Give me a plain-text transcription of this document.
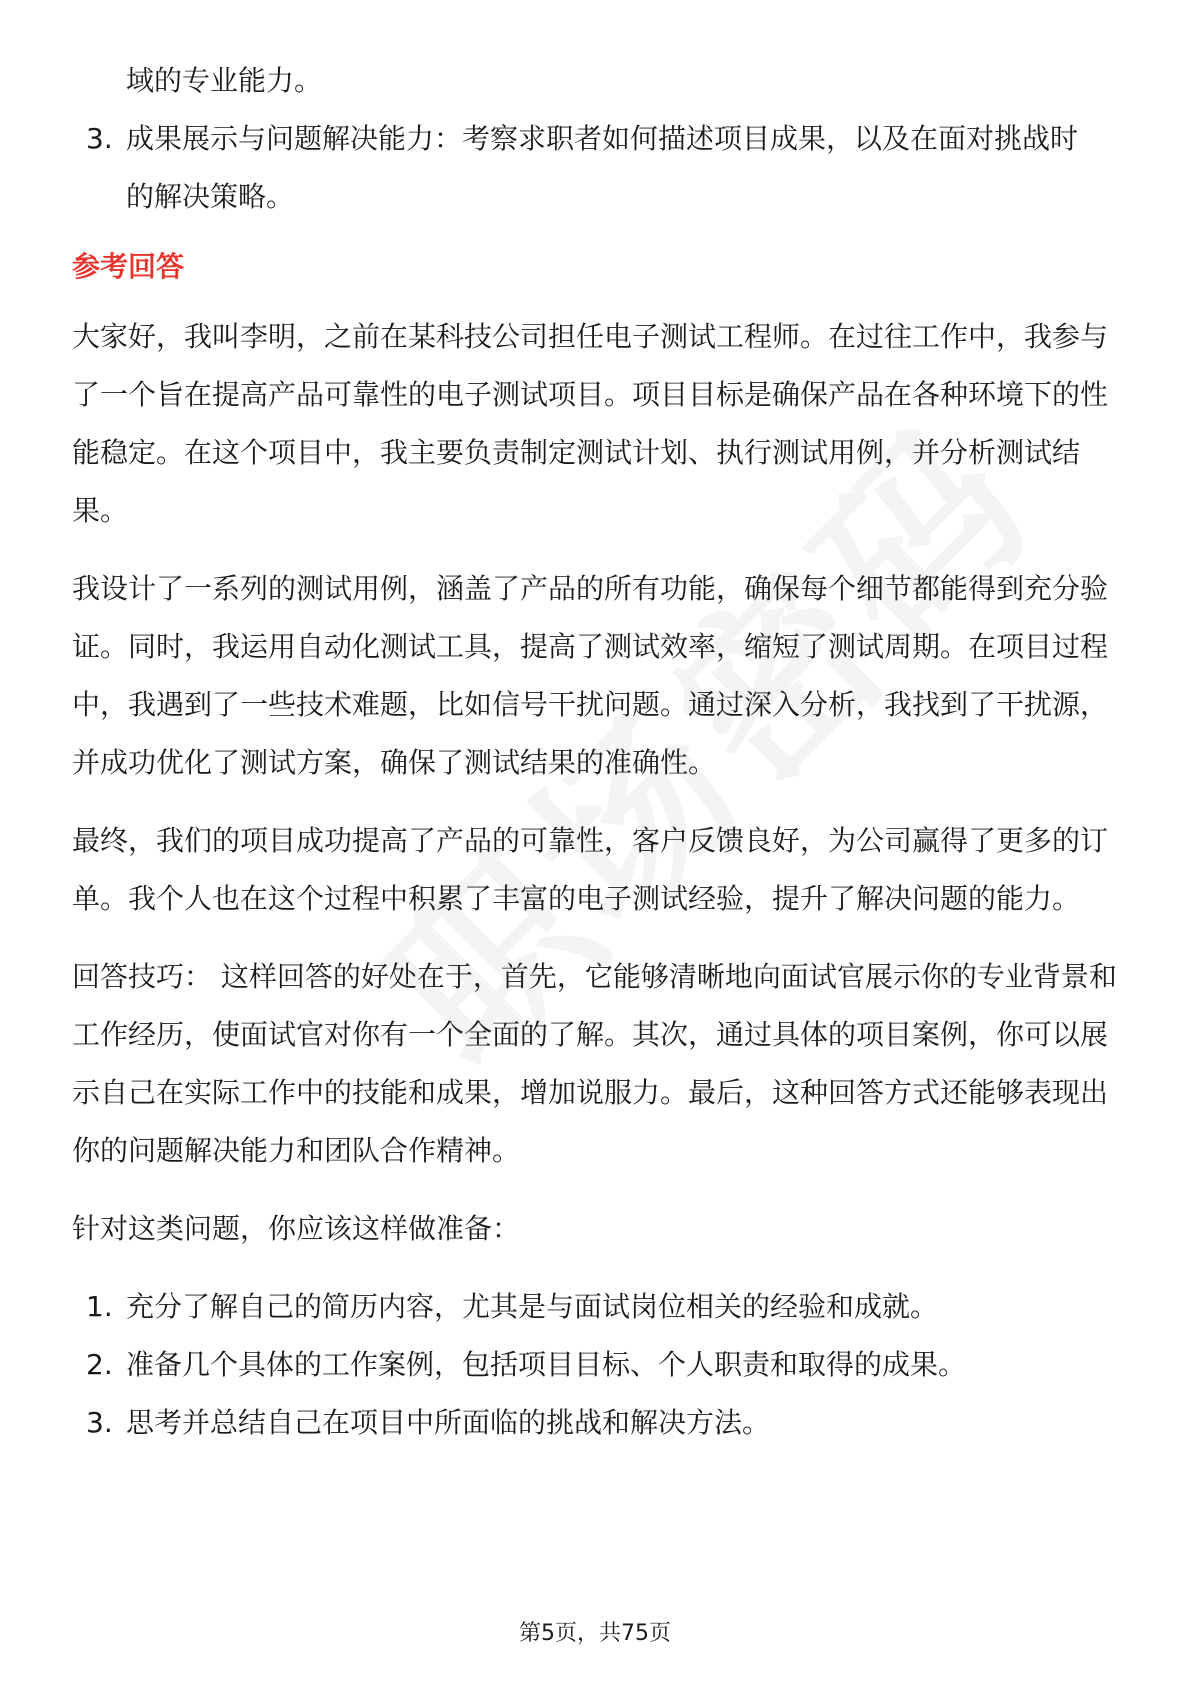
域的专业能力。
3. 成果展示与问题解决能力：考察求职者如何描述项目成果，以及在面对挑战时
的解决策略。

参考回答

大家好，我叫李明，之前在某科技公司担任电子测试工程师。在过往工作中，我参与了一个旨在提高产品可靠性的电子测试项目。项目目标是确保产品在各种环境下的性能稳定。在这个项目中，我主要负责制定测试计划、执行测试用例，并分析测试结果。

我设计了一系列的测试用例，涵盖了产品的所有功能，确保每个细节都能得到充分验证。同时，我运用自动化测试工具，提高了测试效率，缩短了测试周期。在项目过程中，我遇到了一些技术难题，比如信号干扰问题。通过深入分析，我找到了干扰源，并成功优化了测试方案，确保了测试结果的准确性。

最终，我们的项目成功提高了产品的可靠性，客户反馈良好，为公司赢得了更多的订单。我个人也在这个过程中积累了丰富的电子测试经验，提升了解决问题的能力。

回答技巧： 这样回答的好处在于，首先，它能够清晰地向面试官展示你的专业背景和工作经历，使面试官对你有一个全面的了解。其次，通过具体的项目案例，你可以展示自己在实际工作中的技能和成果，增加说服力。最后，这种回答方式还能够表现出你的问题解决能力和团队合作精神。

针对这类问题，你应该这样做准备：

1. 充分了解自己的简历内容，尤其是与面试岗位相关的经验和成就。
2. 准备几个具体的工作案例，包括项目目标、个人职责和取得的成果。
3. 思考并总结自己在项目中所面临的挑战和解决方法。
第5页，共75页
